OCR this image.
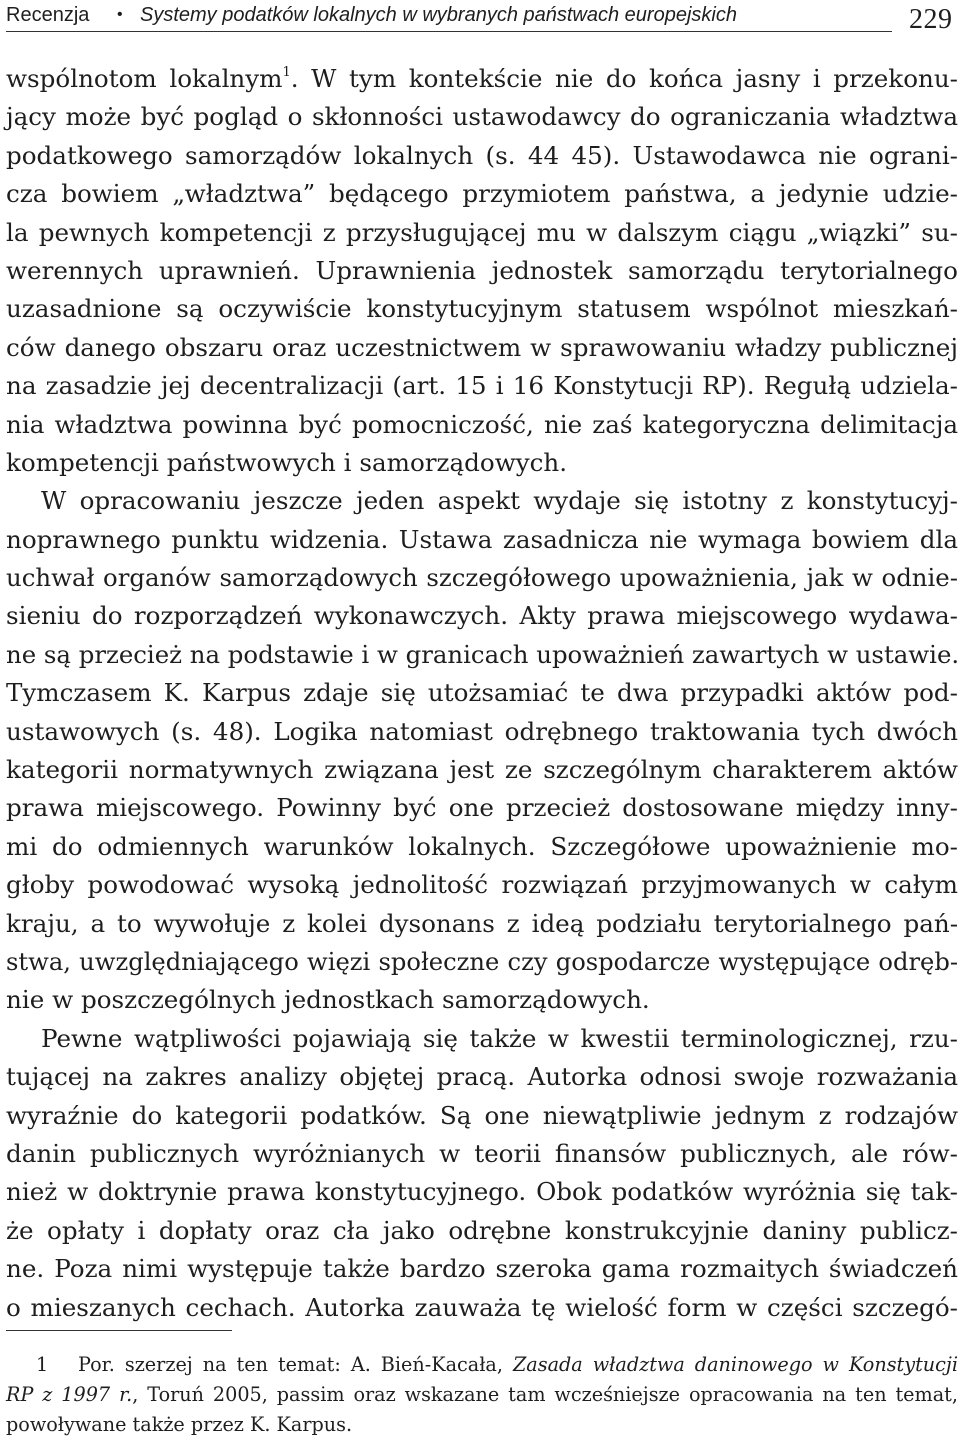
Recenzja • Systemy podatków lokalnych w wybranych państwach europejskich	229
wspólnotom lokalnym$^1$. W tym kontekście nie do końca jasny i przekonu-
jący może być pogląd o skłonności ustawodawcy do ograniczania władztwa
podatkowego samorządów lokalnych (s. 44 45). Ustawodawca nie ograni-
cza bowiem „władztwa” będącego przymiotem państwa, a jedynie udzie-
la pewnych kompetencji z przysługującej mu w dalszym ciągu „wiązki” su-
werennych uprawnień. Uprawnienia jednostek samorządu terytorialnego
uzasadnione są oczywiście konstytucyjnym statusem wspólnot mieszkań-
ców danego obszaru oraz uczestnictwem w sprawowaniu władzy publicznej
na zasadzie jej decentralizacji (art. 15 i 16 Konstytucji RP). Regułą udziela-
nia władztwa powinna być pomocniczość, nie zaś kategoryczna delimitacja
kompetencji państwowych i samorządowych.
W opracowaniu jeszcze jeden aspekt wydaje się istotny z konstytucyj-
noprawnego punktu widzenia. Ustawa zasadnicza nie wymaga bowiem dla
uchwał organów samorządowych szczegółowego upoważnienia, jak w odnie-
sieniu do rozporządzeń wykonawczych. Akty prawa miejscowego wydawa-
ne są przecież na podstawie i w granicach upoważnień zawartych w ustawie.
Tymczasem K. Karpus zdaje się utożsamiać te dwa przypadki aktów pod-
ustawowych (s. 48). Logika natomiast odrębnego traktowania tych dwóch
kategorii normatywnych związana jest ze szczególnym charakterem aktów
prawa miejscowego. Powinny być one przecież dostosowane między inny-
mi do odmiennych warunków lokalnych. Szczegółowe upoważnienie mo-
głoby powodować wysoką jednolitość rozwiązań przyjmowanych w całym
kraju, a to wywołuje z kolei dysonans z ideą podziału terytorialnego pań-
stwa, uwzględniającego więzi społeczne czy gospodarcze występujące odręb-
nie w poszczególnych jednostkach samorządowych.
Pewne wątpliwości pojawiają się także w kwestii terminologicznej, rzu-
tującej na zakres analizy objętej pracą. Autorka odnosi swoje rozważania
wyraźnie do kategorii podatków. Są one niewątpliwie jednym z rodzajów
danin publicznych wyróżnianych w teorii finansów publicznych, ale rów-
nież w doktrynie prawa konstytucyjnego. Obok podatków wyróżnia się tak-
że opłaty i dopłaty oraz cła jako odrębne konstrukcyjnie daniny publicz-
ne. Poza nimi występuje także bardzo szeroka gama rozmaitych świadczeń
o mieszanych cechach. Autorka zauważa tę wielość form w części szczegó-
1 Por. szerzej na ten temat: A. Bień-Kacała, Zasada władztwa daninowego w Konstytucji
RP z 1997 r., Toruń 2005, passim oraz wskazane tam wcześniejsze opracowania na ten temat,
powoływane także przez K. Karpus.
